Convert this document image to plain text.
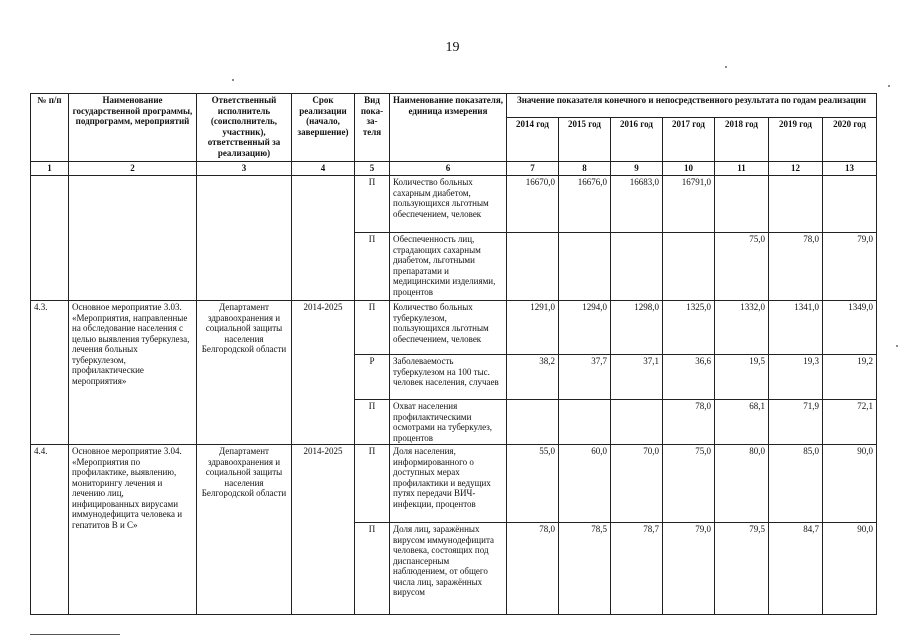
19
№ п/п	Наименование государственной программы, подпрограмм, мероприятий	Ответственный исполнитель (соисполнитель, участник), ответственный за реализацию)	Срок реализации (начало, завершение)	Вид пока-за-теля	Наименование показателя, единица измерения	Значение показателя конечного и непосредственного результата по годам реализации						
						2014 год	2015 год	2016 год	2017 год	2018 год	2019 год	2020 год
1	2	3	4	5	6	7	8	9	10	11	12	13
				П	Количество больных сахарным диабетом, пользующихся льготным обеспечением, человек	16670,0	16676,0	16683,0	16791,0			
				П	Обеспеченность лиц, страдающих сахарным диабетом, льготными препаратами и медицинскими изделиями, процентов					75,0	78,0	79,0
4.3.	Основное мероприятие 3.03. «Мероприятия, направленные на обследование населения с целью выявления туберкулеза, лечения больных туберкулезом, профилактические мероприятия»	Департамент здравоохранения и социальной защиты населения Белгородской области	2014-2025	П	Количество больных туберкулезом, пользующихся льготным обеспечением, человек	1291,0	1294,0	1298,0	1325,0	1332,0	1341,0	1349,0
				Р	Заболеваемость туберкулезом на 100 тыс. человек населения, случаев	38,2	37,7	37,1	36,6	19,5	19,3	19,2
				П	Охват населения профилактическими осмотрами на туберкулез, процентов				78,0	68,1	71,9	72,1
4.4.	Основное мероприятие 3.04. «Мероприятия по профилактике, выявлению, мониторингу лечения и лечению лиц, инфицированных вирусами иммунодефицита человека и гепатитов В и С»	Департамент здравоохранения и социальной защиты населения Белгородской области	2014-2025	П	Доля населения, информированного о доступных мерах профилактики и ведущих путях передачи ВИЧ-инфекции, процентов	55,0	60,0	70,0	75,0	80,0	85,0	90,0
				П	Доля лиц, заражённых вирусом иммунодефицита человека, состоящих под диспансерным наблюдением, от общего числа лиц, заражённых вирусом	78,0	78,5	78,7	79,0	79,5	84,7	90,0
